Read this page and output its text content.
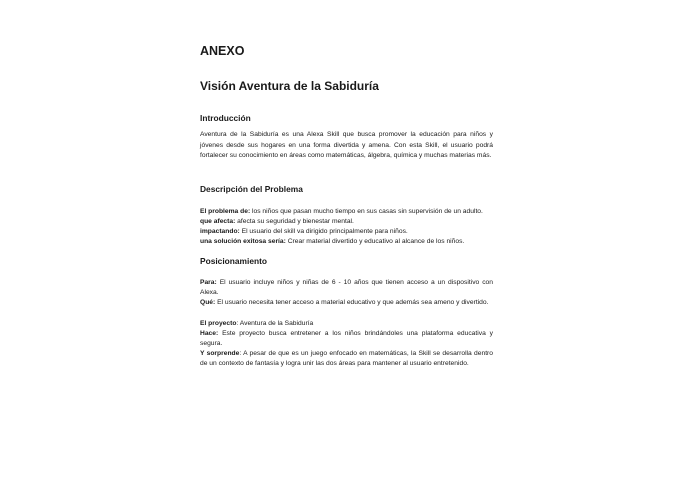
ANEXO
Visión Aventura de la Sabiduría
Introducción

Aventura de la Sabiduría es una Alexa Skill que busca promover la educación para niños y jóvenes desde sus hogares en una forma divertida y amena. Con esta Skill, el usuario podrá fortalecer su conocimiento en áreas como matemáticas, álgebra, química y muchas materias más.

Descripción del Problema
El problema de: los niños que pasan mucho tiempo en sus casas sin supervisión de un adulto.
que afecta: afecta su seguridad y bienestar mental.
impactando: El usuario del skill va dirigido principalmente para niños.
una solución exitosa sería: Crear material divertido y educativo al alcance de los niños.
Posicionamiento

Para: El usuario incluye niños y niñas de 6 - 10 años que tienen acceso a un dispositivo con Alexa.

Qué: El usuario necesita tener acceso a material educativo y que además sea ameno y divertido.

El proyecto: Aventura de la Sabiduría

Hace: Este proyecto busca entretener a los niños brindándoles una plataforma educativa y segura.

Y sorprende: A pesar de que es un juego enfocado en matemáticas, la Skill se desarrolla dentro de un contexto de fantasía y logra unir las dos áreas para mantener al usuario entretenido.
